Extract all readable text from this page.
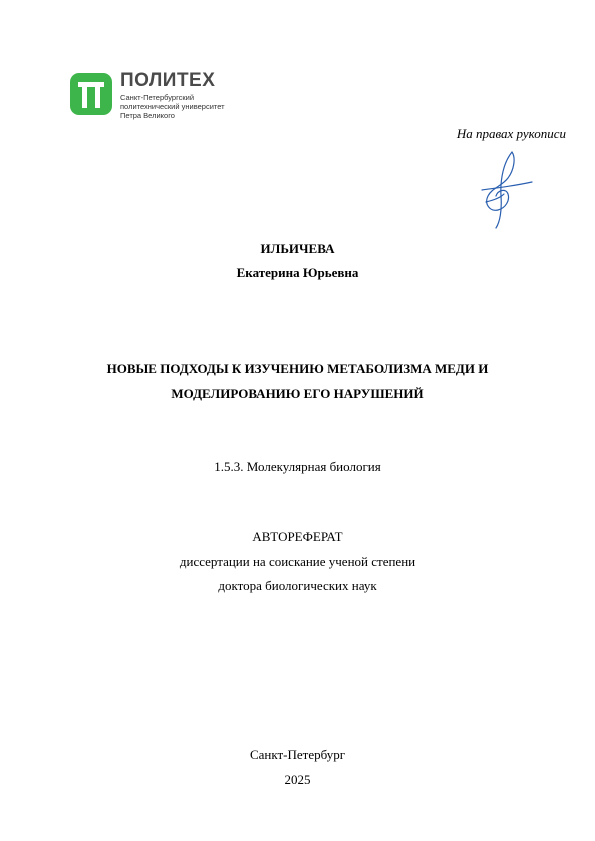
ПОЛИТЕХ
Санкт-Петербургский
политехнический университет
Петра Великого
На правах рукописи
ИЛЬИЧЕВА
Екатерина Юрьевна
НОВЫЕ ПОДХОДЫ К ИЗУЧЕНИЮ МЕТАБОЛИЗМА МЕДИ И
МОДЕЛИРОВАНИЮ ЕГО НАРУШЕНИЙ
1.5.3. Молекулярная биология
АВТОРЕФЕРАТ
диссертации на соискание ученой степени
доктора биологических наук
Санкт-Петербург
2025
